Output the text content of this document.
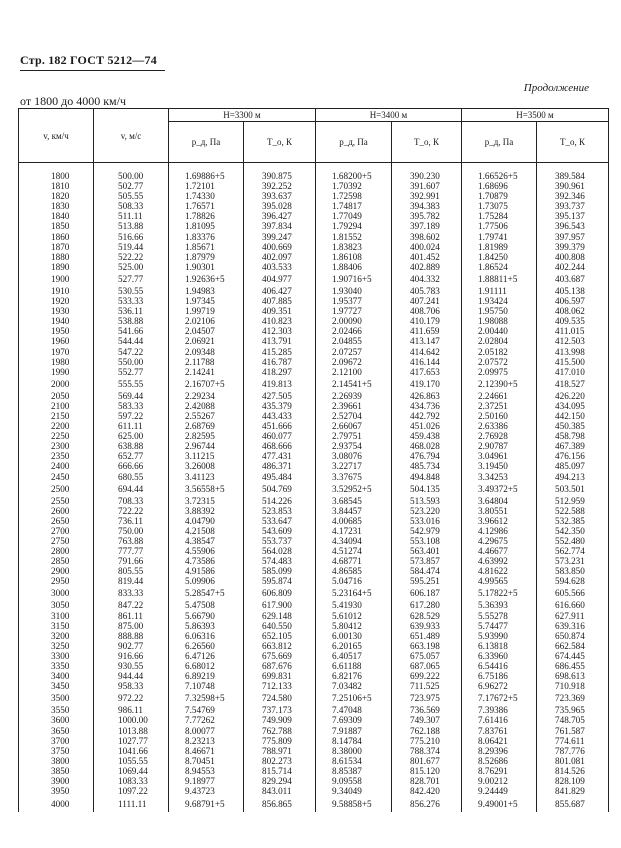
Стр. 182 ГОСТ 5212—74
Продолжение
от 1800 до 4000 км/ч
v, км/ч	v, м/с	H=3300 м		H=3400 м		H=3500 м	
		p_д, Па	T_о, К	p_д, Па	T_о, К	p_д, Па	T_о, К
1800	500.00	1.69886+5	390.875	1.68200+5	390.230	1.66526+5	389.584
1810	502.77	1.72101	392.252	1.70392	391.607	1.68696	390.961
1820	505.55	1.74330	393.637	1.72598	392.991	1.70879	392.346
1830	508.33	1.76571	395.028	1.74817	394.383	1.73075	393.737
1840	511.11	1.78826	396.427	1.77049	395.782	1.75284	395.137
1850	513.88	1.81095	397.834	1.79294	397.189	1.77506	396.543
1860	516.66	1.83376	399.247	1.81552	398.602	1.79741	397.957
1870	519.44	1.85671	400.669	1.83823	400.024	1.81989	399.379
1880	522.22	1.87979	402.097	1.86108	401.452	1.84250	400.808
1890	525.00	1.90301	403.533	1.88406	402.889	1.86524	402.244
1900	527.77	1.92636+5	404.977	1.90716+5	404.332	1.88811+5	403.687
1910	530.55	1.94983	406.427	1.93040	405.783	1.91111	405.138
1920	533.33	1.97345	407.885	1.95377	407.241	1.93424	406.597
1930	536.11	1.99719	409.351	1.97727	408.706	1.95750	408.062
1940	538.88	2.02106	410.823	2.00090	410.179	1.98088	409.535
1950	541.66	2.04507	412.303	2.02466	411.659	2.00440	411.015
1960	544.44	2.06921	413.791	2.04855	413.147	2.02804	412.503
1970	547.22	2.09348	415.285	2.07257	414.642	2.05182	413.998
1980	550.00	2.11788	416.787	2.09672	416.144	2.07572	415.500
1990	552.77	2.14241	418.297	2.12100	417.653	2.09975	417.010
2000	555.55	2.16707+5	419.813	2.14541+5	419.170	2.12390+5	418.527
2050	569.44	2.29234	427.505	2.26939	426.863	2.24661	426.220
2100	583.33	2.42088	435.379	2.39661	434.736	2.37251	434.095
2150	597.22	2.55267	443.433	2.52704	442.792	2.50160	442.150
2200	611.11	2.68769	451.666	2.66067	451.026	2.63386	450.385
2250	625.00	2.82595	460.077	2.79751	459.438	2.76928	458.798
2300	638.88	2.96744	468.666	2.93754	468.028	2.90787	467.389
2350	652.77	3.11215	477.431	3.08076	476.794	3.04961	476.156
2400	666.66	3.26008	486.371	3.22717	485.734	3.19450	485.097
2450	680.55	3.41123	495.484	3.37675	494.848	3.34253	494.213
2500	694.44	3.56558+5	504.769	3.52952+5	504.135	3.49372+5	503.501
2550	708.33	3.72315	514.226	3.68545	513.593	3.64804	512.959
2600	722.22	3.88392	523.853	3.84457	523.220	3.80551	522.588
2650	736.11	4.04790	533.647	4.00685	533.016	3.96612	532.385
2700	750.00	4.21508	543.609	4.17231	542.979	4.12986	542.350
2750	763.88	4.38547	553.737	4.34094	553.108	4.29675	552.480
2800	777.77	4.55906	564.028	4.51274	563.401	4.46677	562.774
2850	791.66	4.73586	574.483	4.68771	573.857	4.63992	573.231
2900	805.55	4.91586	585.099	4.86585	584.474	4.81622	583.850
2950	819.44	5.09906	595.874	5.04716	595.251	4.99565	594.628
3000	833.33	5.28547+5	606.809	5.23164+5	606.187	5.17822+5	605.566
3050	847.22	5.47508	617.900	5.41930	617.280	5.36393	616.660
3100	861.11	5.66790	629.148	5.61012	628.529	5.55278	627.911
3150	875.00	5.86393	640.550	5.80412	639.933	5.74477	639.316
3200	888.88	6.06316	652.105	6.00130	651.489	5.93990	650.874
3250	902.77	6.26560	663.812	6.20165	663.198	6.13818	662.584
3300	916.66	6.47126	675.669	6.40517	675.057	6.33960	674.445
3350	930.55	6.68012	687.676	6.61188	687.065	6.54416	686.455
3400	944.44	6.89219	699.831	6.82176	699.222	6.75186	698.613
3450	958.33	7.10748	712.133	7.03482	711.525	6.96272	710.918
3500	972.22	7.32598+5	724.580	7.25106+5	723.975	7.17672+5	723.369
3550	986.11	7.54769	737.173	7.47048	736.569	7.39386	735.965
3600	1000.00	7.77262	749.909	7.69309	749.307	7.61416	748.705
3650	1013.88	8.00077	762.788	7.91887	762.188	7.83761	761.587
3700	1027.77	8.23213	775.809	8.14784	775.210	8.06421	774.611
3750	1041.66	8.46671	788.971	8.38000	788.374	8.29396	787.776
3800	1055.55	8.70451	802.273	8.61534	801.677	8.52686	801.081
3850	1069.44	8.94553	815.714	8.85387	815.120	8.76291	814.526
3900	1083.33	9.18977	829.294	9.09558	828.701	9.00212	828.109
3950	1097.22	9.43723	843.011	9.34049	842.420	9.24449	841.829
4000	1111.11	9.68791+5	856.865	9.58858+5	856.276	9.49001+5	855.687
